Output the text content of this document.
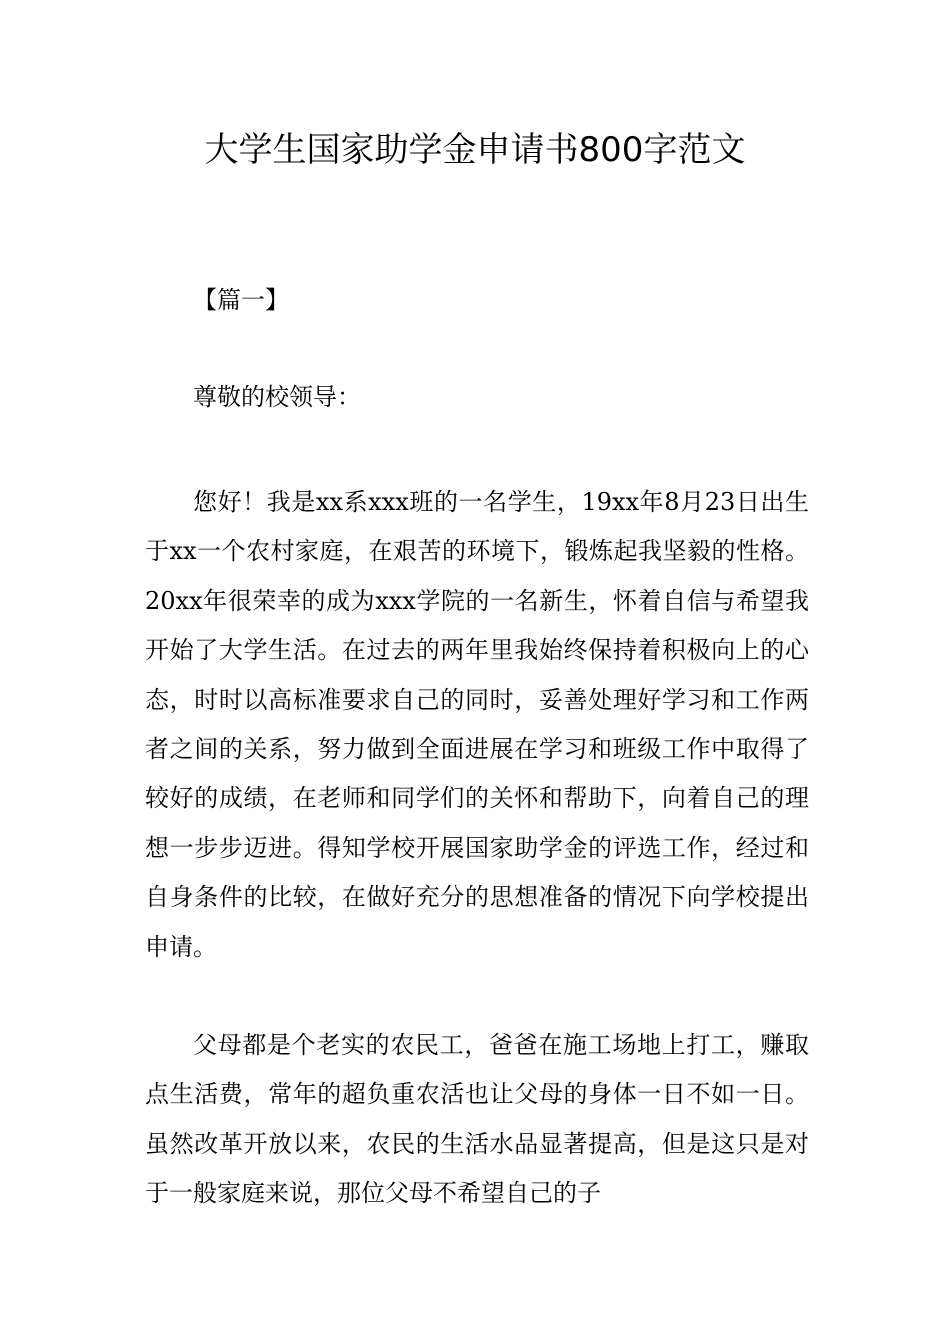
大学生国家助学金申请书800字范文

【篇一】

尊敬的校领导：

您好！我是xx系xxx班的一名学生，19xx年8月23日出生于xx一个农村家庭，在艰苦的环境下，锻炼起我坚毅的性格。20xx年很荣幸的成为xxx学院的一名新生，怀着自信与希望我开始了大学生活。在过去的两年里我始终保持着积极向上的心态，时时以高标准要求自己的同时，妥善处理好学习和工作两者之间的关系，努力做到全面进展在学习和班级工作中取得了较好的成绩，在老师和同学们的关怀和帮助下，向着自己的理想一步步迈进。得知学校开展国家助学金的评选工作，经过和自身条件的比较，在做好充分的思想准备的情况下向学校提出申请。

父母都是个老实的农民工，爸爸在施工场地上打工，赚取点生活费，常年的超负重农活也让父母的身体一日不如一日。虽然改革开放以来，农民的生活水品显著提高，但是这只是对于一般家庭来说，那位父母不希望自己的子
